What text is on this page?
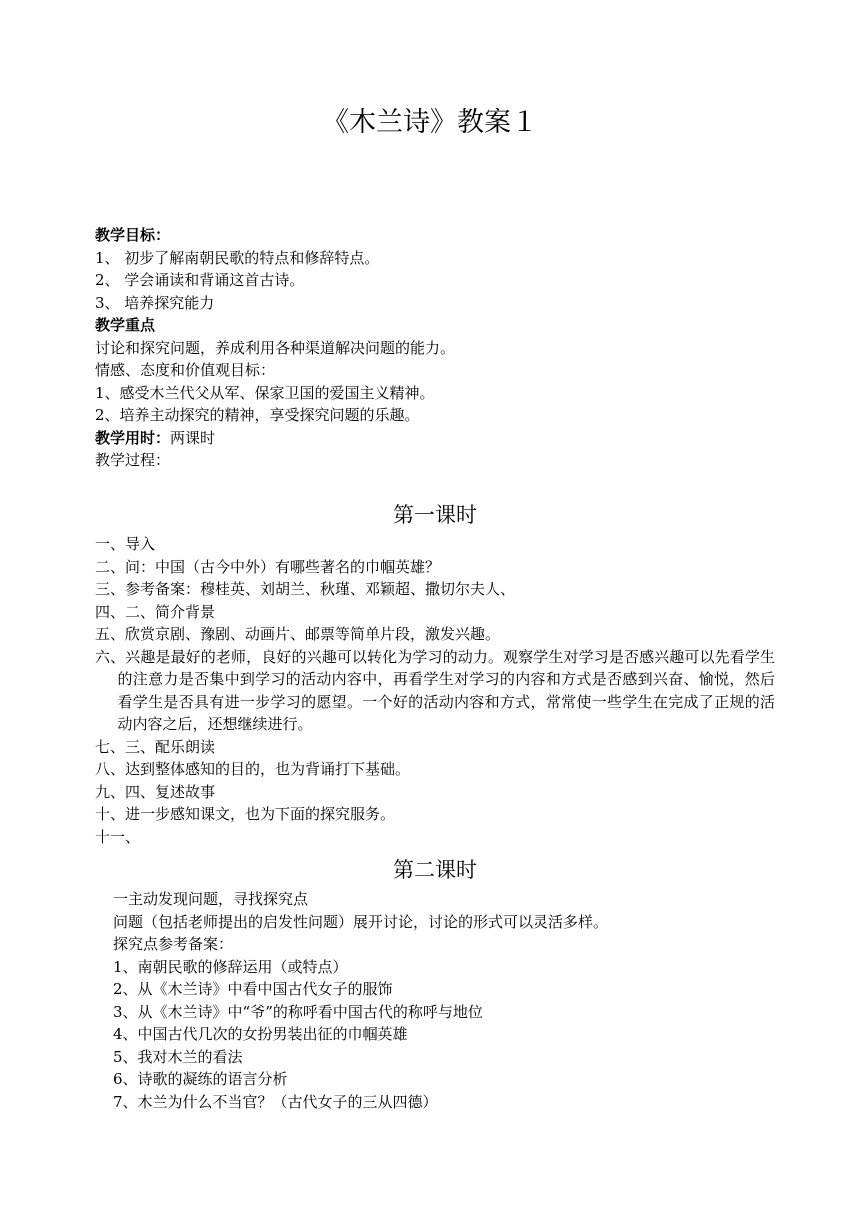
《木兰诗》教案１
教学目标：
1、 初步了解南朝民歌的特点和修辞特点。
2、 学会诵读和背诵这首古诗。
3、 培养探究能力
教学重点
讨论和探究问题，养成利用各种渠道解决问题的能力。
情感、态度和价值观目标：
1、感受木兰代父从军、保家卫国的爱国主义精神。
2、培养主动探究的精神，享受探究问题的乐趣。
教学用时：两课时
教学过程：
第一课时
一、导入
二、问：中国（古今中外）有哪些著名的巾帼英雄？
三、参考备案：穆桂英、刘胡兰、秋瑾、邓颖超、撒切尔夫人、
四、二、简介背景
五、欣赏京剧、豫剧、动画片、邮票等简单片段，激发兴趣。
六、兴趣是最好的老师，良好的兴趣可以转化为学习的动力。观察学生对学习是否感兴趣可以先看学生的注意力是否集中到学习的活动内容中，再看学生对学习的内容和方式是否感到兴奋、愉悦，然后看学生是否具有进一步学习的愿望。一个好的活动内容和方式，常常使一些学生在完成了正规的活动内容之后，还想继续进行。
七、三、配乐朗读
八、达到整体感知的目的，也为背诵打下基础。
九、四、复述故事
十、进一步感知课文，也为下面的探究服务。
十一、
第二课时
一主动发现问题，寻找探究点
问题（包括老师提出的启发性问题）展开讨论，讨论的形式可以灵活多样。
探究点参考备案：
1、南朝民歌的修辞运用（或特点）
2、从《木兰诗》中看中国古代女子的服饰
3、从《木兰诗》中“爷”的称呼看中国古代的称呼与地位
4、中国古代几次的女扮男装出征的巾帼英雄
5、我对木兰的看法
6、诗歌的凝练的语言分析
7、木兰为什么不当官？（古代女子的三从四德）
